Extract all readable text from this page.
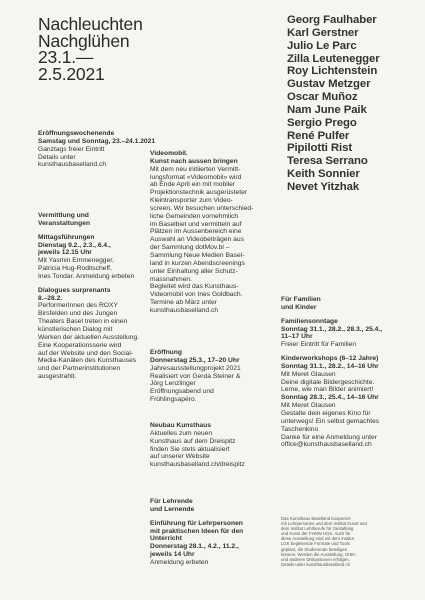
Nachleuchten
Nachglühen
23.1.—
2.5.2021
Georg Faulhaber
Karl Gerstner
Julio Le Parc
Zilla Leutenegger
Roy Lichtenstein
Gustav Metzger
Oscar Muñoz
Nam June Paik
Sergio Prego
René Pulfer
Pipilotti Rist
Teresa Serrano
Keith Sonnier
Nevet Yitzhak
Eröffnungswochenende
Samstag und Sonntag, 23.–24.1.2021
Ganztags freier Eintritt
Details unter
kunsthausbaselland.ch
Vermittlung und
Veranstaltungen
Mittagsführungen
Dienstag 9.2., 2.3., 6.4.,
jeweils 12.15 Uhr
Mit Yasmin Emmenegger,
Patricia Hug-Roditscheff,
Ines Tondar. Anmeldung erbeten
Dialogues surprenants
8.–28.2.
PerformerInnen des ROXY
Birsfelden und des Jungen
Theaters Basel treten in einen
künstlerischen Dialog mit
Werken der aktuellen Ausstellung.
Eine Kooperationsserie wird
auf der Website und den Social-
Media-Kanälen des Kunsthauses
und der Partnerinstitutionen
ausgestrahlt.
Videomobil.
Kunst nach aussen bringen
Mit dem neu initiierten Vermitt-
lungsformat «Videomobil» wird
ab Ende April ein mit mobiler
Projektionstechnik ausgerüsteter
Kleintransporter zum Video-
screen. Wir besuchen unterschied-
liche Gemeinden vornehmlich
im Baselbiet und vermitteln auf
Plätzen im Aussenbereich eine
Auswahl an Videobeiträgen aus
der Sammlung dotMov.bl –
Sammlung Neue Medien Basel-
land in kurzen Abendscreenings
unter Einhaltung aller Schutz-
massnahmen.
Begleitet wird das Kunsthaus-
Videomobil von Ines Goldbach.
Termine ab März unter
kunsthausbaselland.ch
Eröffnung
Donnerstag 25.3., 17–20 Uhr
Jahresausstellungprojekt 2021
Realisiert von Gerda Steiner &
Jörg Lenzlinger
Eröffnungsabend und
Frühlingsapéro.
Neubau Kunsthaus
Aktuelles zum neuen
Kunsthaus auf dem Dreispitz
finden Sie stets aktualisiert
auf unserer Website
kunsthausbaselland.ch/dreispitz
Für Lehrende
und Lernende
Einführung für Lehrpersonen
mit praktischen Ideen für den
Unterricht
Donnerstag 28.1., 4.2., 11.2.,
jeweils 14 Uhr
Anmeldung erbeten
Für Familien
und Kinder
Familiensonntage
Sonntag 31.1., 28.2., 28.3., 25.4.,
11–17 Uhr
Freier Eintritt für Familien
Kinderworkshops (6–12 Jahre)
Sonntag 31.1., 28.2., 14–16 Uhr
Mit Meret Glausen
Deine digitale Bildergeschichte.
Lerne, wie man Bilder animiert!
Sonntag 28.3., 25.4., 14–16 Uhr
Mit Meret Glausen
Gestalte dein eigenes Kino für
unterwegs! Ein selbst gemachtes
Taschenkino
Danke für eine Anmeldung unter
office@kunsthausbaselland.ch
Das Kunsthaus Baselland kooperiert
mit Lehrpersonen und dem Institut Kunst und
dem Institut Lehrberufe für Gestaltung
und Kunst der FHNW HGK. Auch für
diese Ausstellung sind mit dem Institut
LGK begleitende Formate und Tools
geplant, die Studierende beteiligen
können. Werden die Ausstellung, Orten
und anderen Diskussionen erfolgen.
Details unter kunsthausbaselland.ch
